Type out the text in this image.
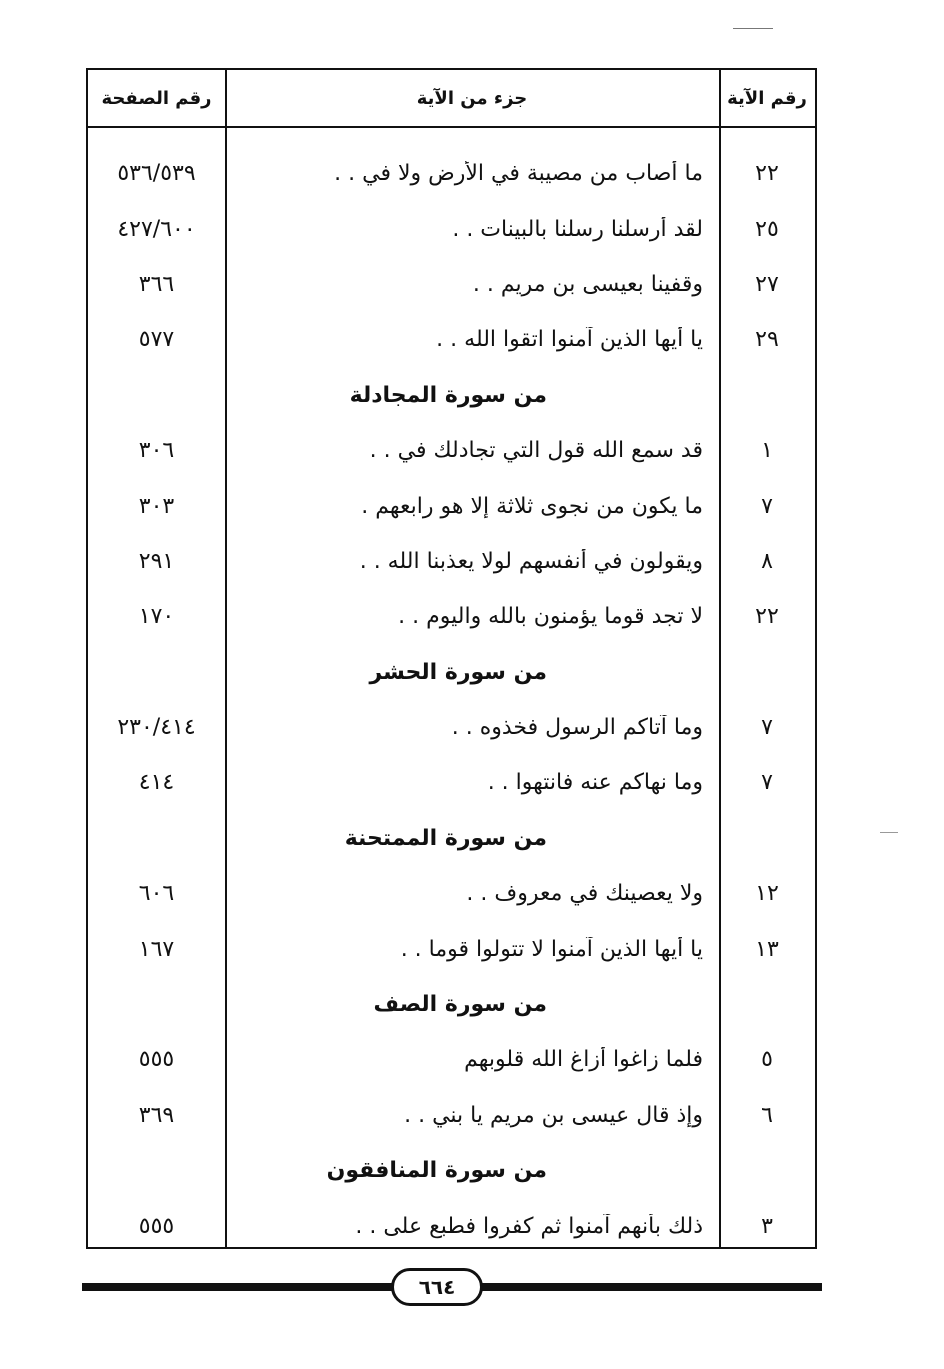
رقم الآية
جزء من الآية
رقم الصفحة
٢٢
ما أصاب من مصيبة في الأرض ولا في . .
٥٣٦/٥٣٩
٢٥
لقد أرسلنا رسلنا بالبينات . .
٤٢٧/٦٠٠
٢٧
وقفينا بعيسى بن مريم . .
٣٦٦
٢٩
يا أيها الذين آمنوا اتقوا الله . .
٥٧٧
من سورة المجادلة
١
قد سمع الله قول التي تجادلك في . .
٣٠٦
٧
ما يكون من نجوى ثلاثة إلا هو رابعهم .
٣٠٣
٨
ويقولون في أنفسهم لولا يعذبنا الله . .
٢٩١
٢٢
لا تجد قوما يؤمنون بالله واليوم . .
١٧٠
من سورة الحشر
٧
وما آتاكم الرسول فخذوه . .
٢٣٠/٤١٤
٧
وما نهاكم عنه فانتهوا . .
٤١٤
من سورة الممتحنة
١٢
ولا يعصينك في معروف . .
٦٠٦
١٣
يا أيها الذين آمنوا لا تتولوا قوما . .
١٦٧
من سورة الصف
٥
فلما زاغوا أزاغ الله قلوبهم
٥٥٥
٦
وإذ قال عيسى بن مريم يا بني . .
٣٦٩
من سورة المنافقون
٣
ذلك بأنهم آمنوا ثم كفروا فطبع على . .
٥٥٥
٦٦٤
